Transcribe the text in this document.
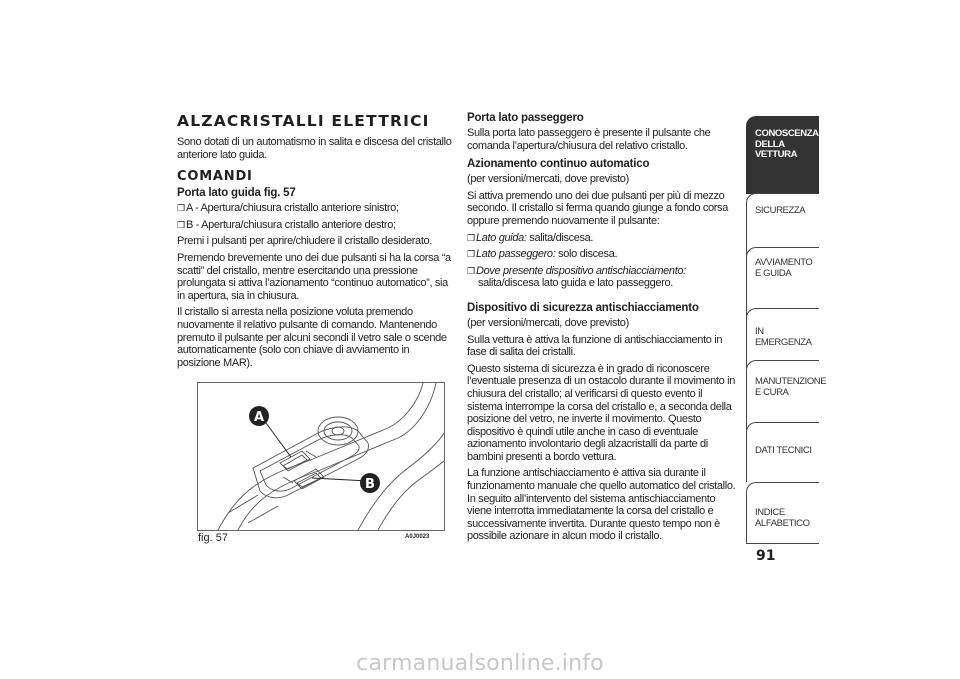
ALZACRISTALLI ELETTRICI

Sono dotati di un automatismo in salita e discesa del cristallo anteriore lato guida.

COMANDI
Porta lato guida fig. 57

❒A - Apertura/chiusura cristallo anteriore sinistro;

❒B - Apertura/chiusura cristallo anteriore destro;

Premi i pulsanti per aprire/chiudere il cristallo desiderato.

Premendo brevemente uno dei due pulsanti si ha la corsa “a scatti” del cristallo, mentre esercitando una pressione prolungata si attiva l’azionamento “continuo automatico”, sia in apertura, sia in chiusura.

Il cristallo si arresta nella posizione voluta premendo nuovamente il relativo pulsante di comando. Mantenendo premuto il pulsante per alcuni secondi il vetro sale o scende automaticamente (solo con chiave di avviamento in posizione MAR).

A
B
fig. 57	A0J0023
Porta lato passeggero

Sulla porta lato passeggero è presente il pulsante che comanda l’apertura/chiusura del relativo cristallo.

Azionamento continuo automatico

(per versioni/mercati, dove previsto)

Si attiva premendo uno dei due pulsanti per più di mezzo secondo. Il cristallo si ferma quando giunge a fondo corsa oppure premendo nuovamente il pulsante:

❒Lato guida: salita/discesa.

❒Lato passeggero: solo discesa.

❒Dove presente dispositivo antischiacciamento: salita/discesa lato guida e lato passeggero.

Dispositivo di sicurezza antischiacciamento

(per versioni/mercati, dove previsto)

Sulla vettura è attiva la funzione di antischiacciamento in fase di salita dei cristalli.

Questo sistema di sicurezza è in grado di riconoscere l’eventuale presenza di un ostacolo durante il movimento in chiusura del cristallo; al verificarsi di questo evento il sistema interrompe la corsa del cristallo e, a seconda della posizione del vetro, ne inverte il movimento. Questo dispositivo è quindi utile anche in caso di eventuale azionamento involontario degli alzacristalli da parte di bambini presenti a bordo vettura.

La funzione antischiacciamento è attiva sia durante il funzionamento manuale che quello automatico del cristallo. In seguito all’intervento del sistema antischiacciamento viene interrotta immediatamente la corsa del cristallo e successivamente invertita. Durante questo tempo non è possibile azionare in alcun modo il cristallo.

CONOSCENZA DELLA VETTURA
SICUREZZA
AVVIAMENTO E GUIDA
IN EMERGENZA
MANUTENZIONE E CURA
DATI TECNICI
INDICE ALFABETICO
91
carmanualsonline.info
